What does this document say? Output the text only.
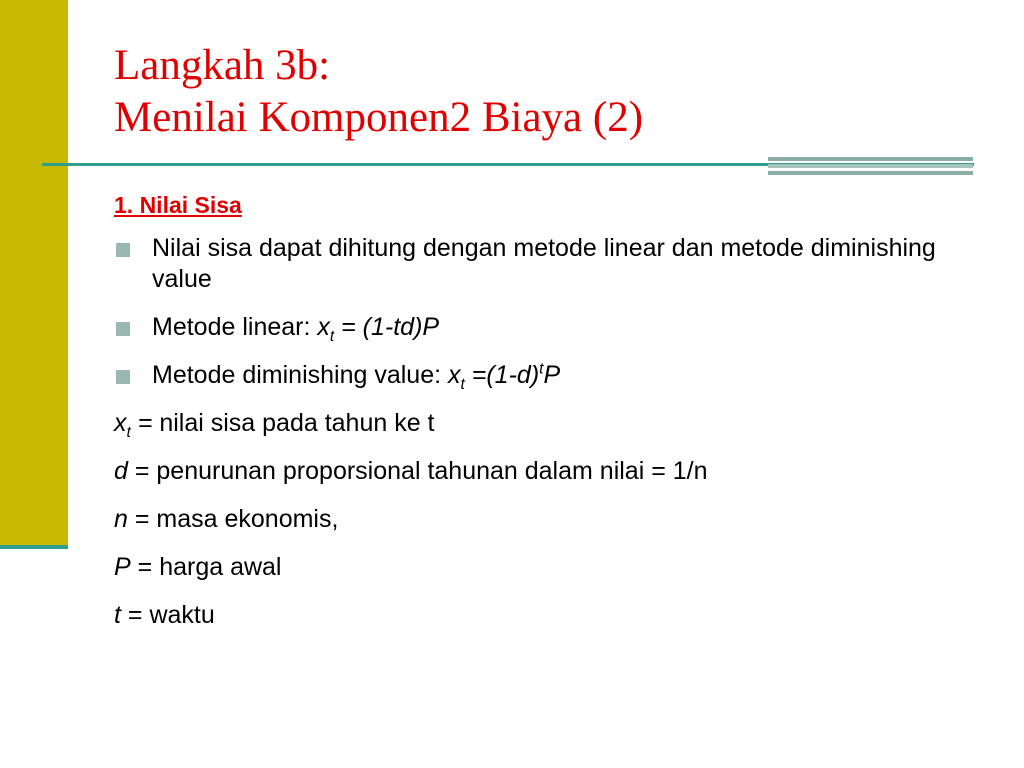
Langkah 3b:
Menilai Komponen2 Biaya (2)
1. Nilai Sisa
Nilai sisa dapat dihitung dengan metode linear dan metode diminishing value
Metode linear: $x_t = (1-td)P$
Metode diminishing value: $x_t =(1-d)^tP$
$x_t$ = nilai sisa pada tahun ke t
d = penurunan proporsional tahunan dalam nilai = 1/n
n = masa ekonomis,
P = harga awal
t = waktu
